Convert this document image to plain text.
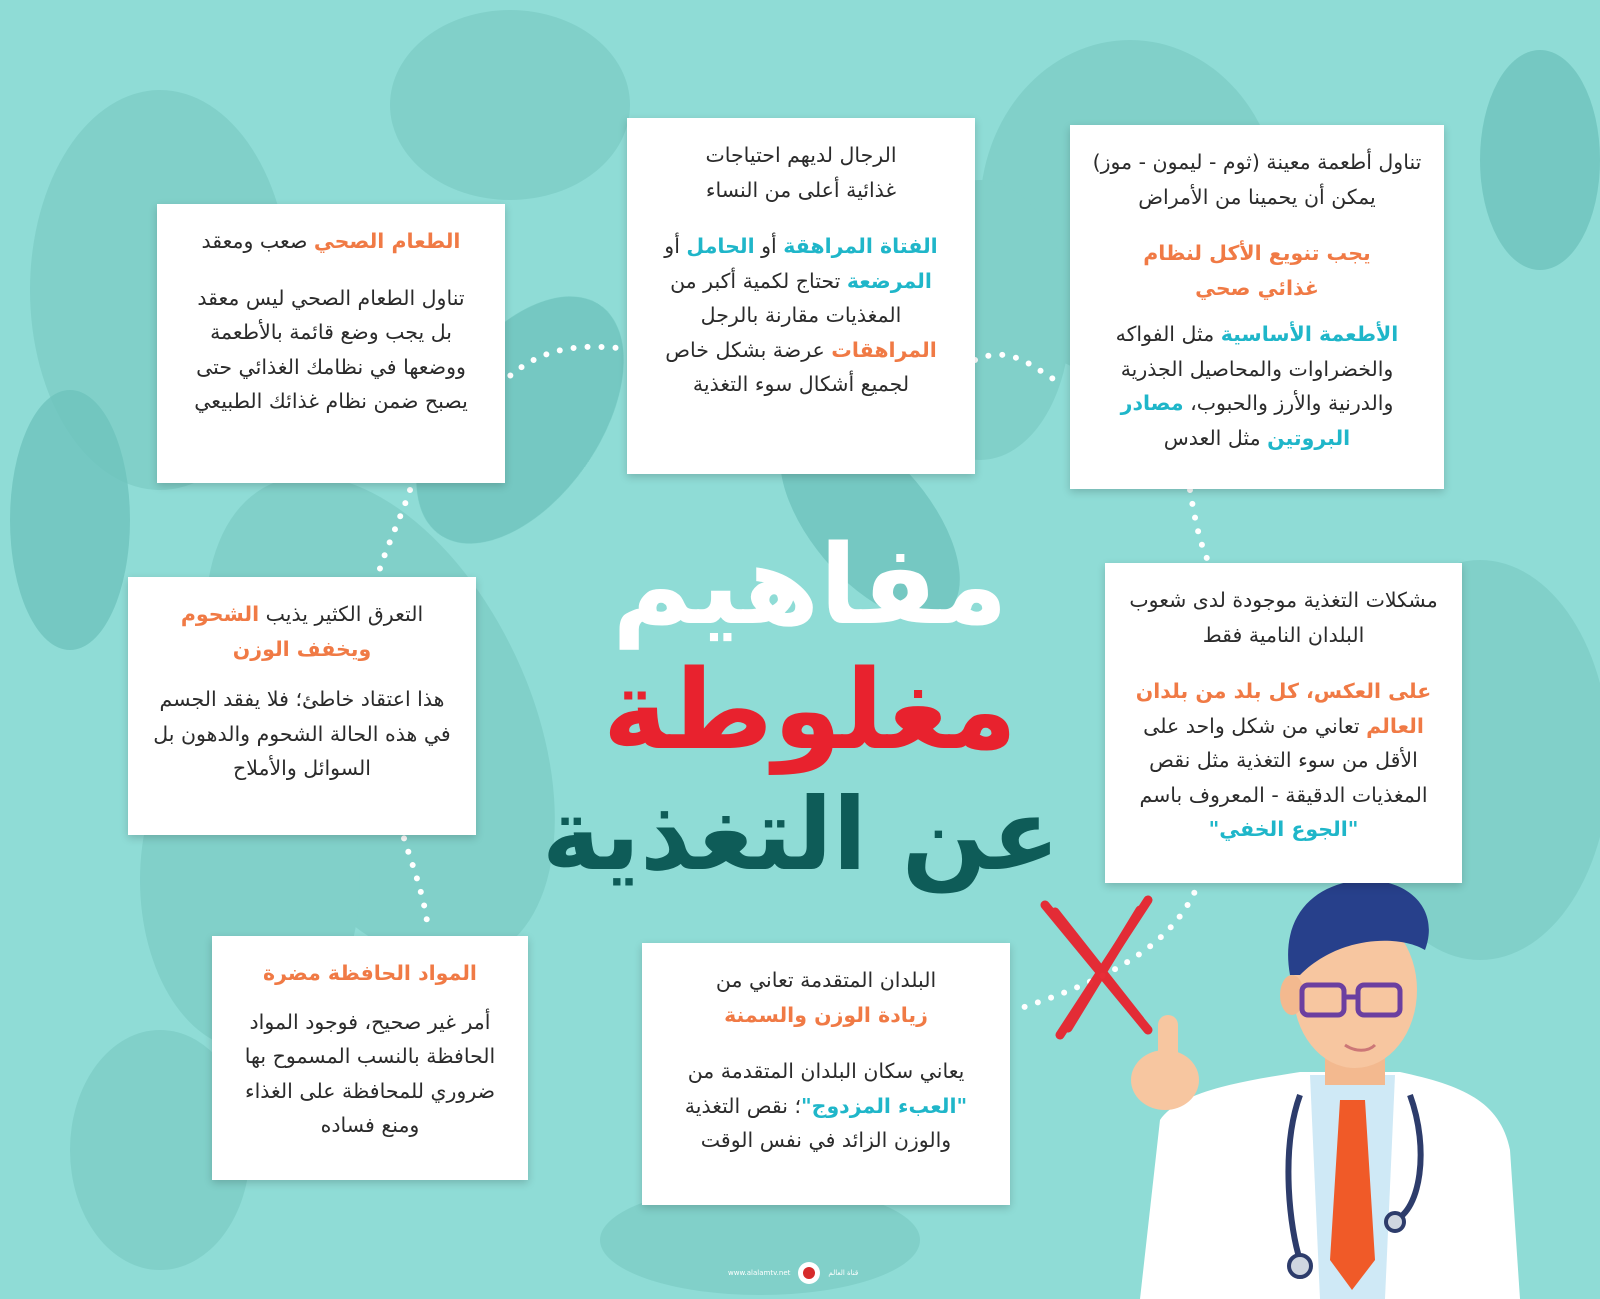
مفاهيم
مغلوطة
عن التغذية

الطعام الصحي صعب ومعقد

تناول الطعام الصحي ليس معقد بل يجب وضع قائمة بالأطعمة ووضعها في نظامك الغذائي حتى يصبح ضمن نظام غذائك الطبيعي

الرجال لديهم احتياجات غذائية أعلى من النساء

الفتاة المراهقة أو الحامل أو المرضعة تحتاج لكمية أكبر من المغذيات مقارنة بالرجل المراهقات عرضة بشكل خاص لجميع أشكال سوء التغذية

تناول أطعمة معينة (ثوم - ليمون - موز) يمكن أن يحمينا من الأمراض

يجب تنويع الأكل لنظام غذائي صحي

الأطعمة الأساسية مثل الفواكه والخضراوات والمحاصيل الجذرية والدرنية والأرز والحبوب، مصادر البروتين مثل العدس

التعرق الكثير يذيب الشحوم ويخفف الوزن

هذا اعتقاد خاطئ؛ فلا يفقد الجسم في هذه الحالة الشحوم والدهون بل السوائل والأملاح

مشكلات التغذية موجودة لدى شعوب البلدان النامية فقط

على العكس، كل بلد من بلدان العالم تعاني من شكل واحد على الأقل من سوء التغذية مثل نقص المغذيات الدقيقة - المعروف باسم "الجوع الخفي"

المواد الحافظة مضرة

أمر غير صحيح، فوجود المواد الحافظة بالنسب المسموح بها ضروري للمحافظة على الغذاء ومنع فساده

البلدان المتقدمة تعاني من زيادة الوزن والسمنة

يعاني سكان البلدان المتقدمة من "العبء المزدوج"؛ نقص التغذية والوزن الزائد في نفس الوقت

www.alalamtv.net	قناة العالم
